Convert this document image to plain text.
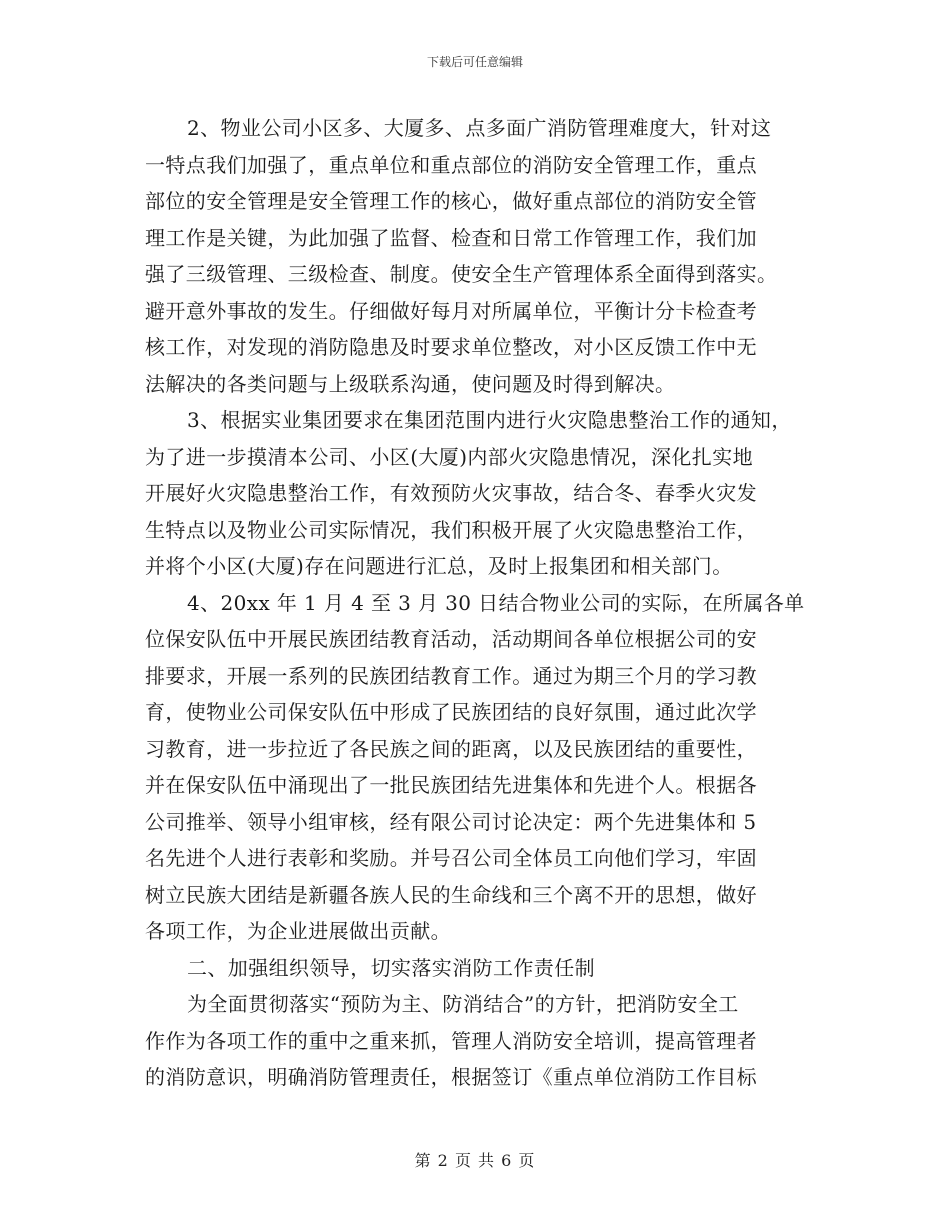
下载后可任意编辑
2、物业公司小区多、大厦多、点多面广消防管理难度大，针对这
一特点我们加强了，重点单位和重点部位的消防安全管理工作，重点
部位的安全管理是安全管理工作的核心，做好重点部位的消防安全管
理工作是关键，为此加强了监督、检查和日常工作管理工作，我们加
强了三级管理、三级检查、制度。使安全生产管理体系全面得到落实。
避开意外事故的发生。仔细做好每月对所属单位，平衡计分卡检查考
核工作，对发现的消防隐患及时要求单位整改，对小区反馈工作中无
法解决的各类问题与上级联系沟通，使问题及时得到解决。
3、根据实业集团要求在集团范围内进行火灾隐患整治工作的通知，
为了进一步摸清本公司、小区(大厦)内部火灾隐患情况，深化扎实地
开展好火灾隐患整治工作，有效预防火灾事故，结合冬、春季火灾发
生特点以及物业公司实际情况，我们积极开展了火灾隐患整治工作，
并将个小区(大厦)存在问题进行汇总，及时上报集团和相关部门。
4、20xx 年 1 月 4 至 3 月 30 日结合物业公司的实际，在所属各单
位保安队伍中开展民族团结教育活动，活动期间各单位根据公司的安
排要求，开展一系列的民族团结教育工作。通过为期三个月的学习教
育，使物业公司保安队伍中形成了民族团结的良好氛围，通过此次学
习教育，进一步拉近了各民族之间的距离，以及民族团结的重要性，
并在保安队伍中涌现出了一批民族团结先进集体和先进个人。根据各
公司推举、领导小组审核，经有限公司讨论决定：两个先进集体和 5
名先进个人进行表彰和奖励。并号召公司全体员工向他们学习，牢固
树立民族大团结是新疆各族人民的生命线和三个离不开的思想，做好
各项工作，为企业进展做出贡献。
二、加强组织领导，切实落实消防工作责任制
为全面贯彻落实“预防为主、防消结合”的方针，把消防安全工
作作为各项工作的重中之重来抓，管理人消防安全培训，提高管理者
的消防意识，明确消防管理责任，根据签订《重点单位消防工作目标
第 2 页 共 6 页
